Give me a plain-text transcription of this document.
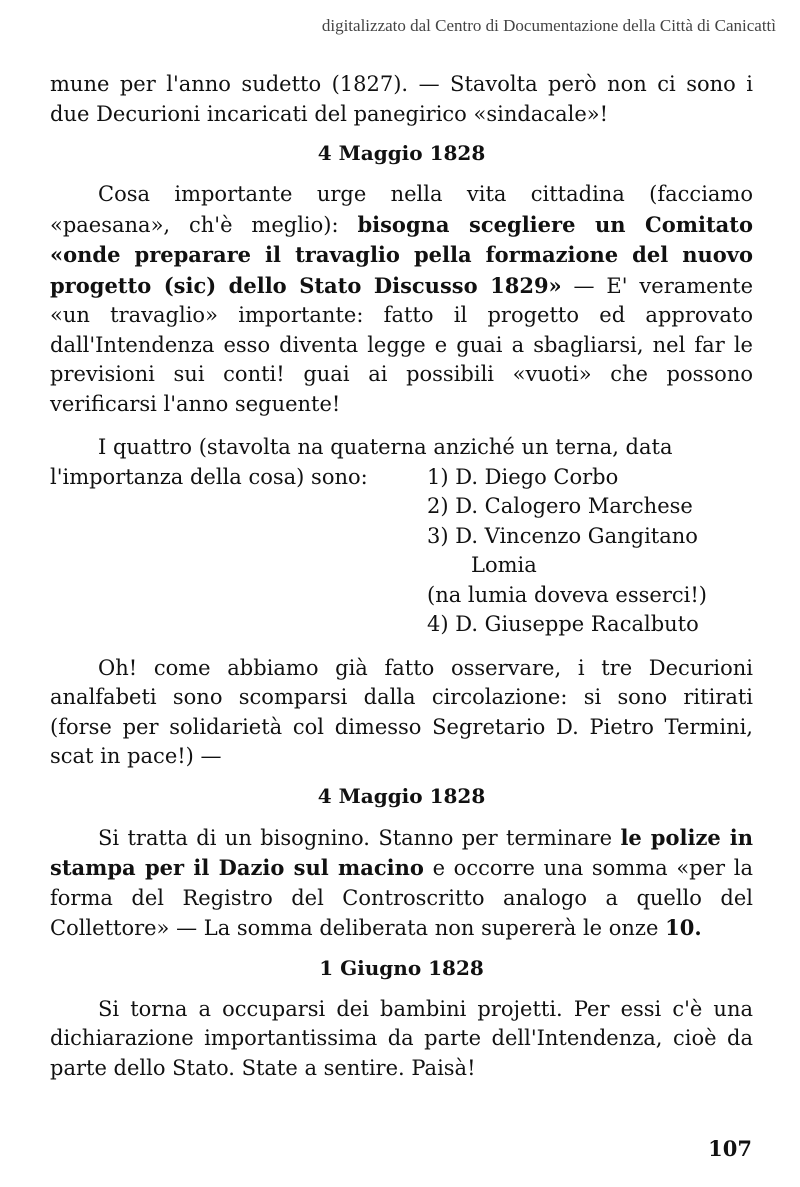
digitalizzato dal Centro di Documentazione della Città di Canicattì

mune per l'anno sudetto (1827). — Stavolta però non ci sono i due Decurioni incaricati del panegirico «sindacale»!

4 Maggio 1828

Cosa importante urge nella vita cittadina (facciamo «paesana», ch'è meglio): bisogna scegliere un Comitato «onde preparare il travaglio pella formazione del nuovo progetto (sic) dello Stato Discusso 1829» — E' veramente «un travaglio» importante: fatto il progetto ed approvato dall'Intendenza esso diventa legge e guai a sbagliarsi, nel far le previsioni sui conti! guai ai possibili «vuoti» che possono verificarsi l'anno seguente!

I quattro (stavolta na quaterna anziché un terna, data

l'importanza della cosa) sono:	1) D. Diego Corbo
2) D. Calogero Marchese
3) D. Vincenzo Gangitano
Lomia
(na lumia doveva esserci!)
4) D. Giuseppe Racalbuto

Oh! come abbiamo già fatto osservare, i tre Decurioni analfabeti sono scomparsi dalla circolazione: si sono ritirati (forse per solidarietà col dimesso Segretario D. Pietro Termini, scat in pace!) —

4 Maggio 1828

Si tratta di un bisognino. Stanno per terminare le polize in stampa per il Dazio sul macino e occorre una somma «per la forma del Registro del Controscritto analogo a quello del Collettore» — La somma deliberata non supererà le onze 10.

1 Giugno 1828

Si torna a occuparsi dei bambini projetti. Per essi c'è una dichiarazione importantissima da parte dell'Intendenza, cioè da parte dello Stato. State a sentire. Paisà!

107
